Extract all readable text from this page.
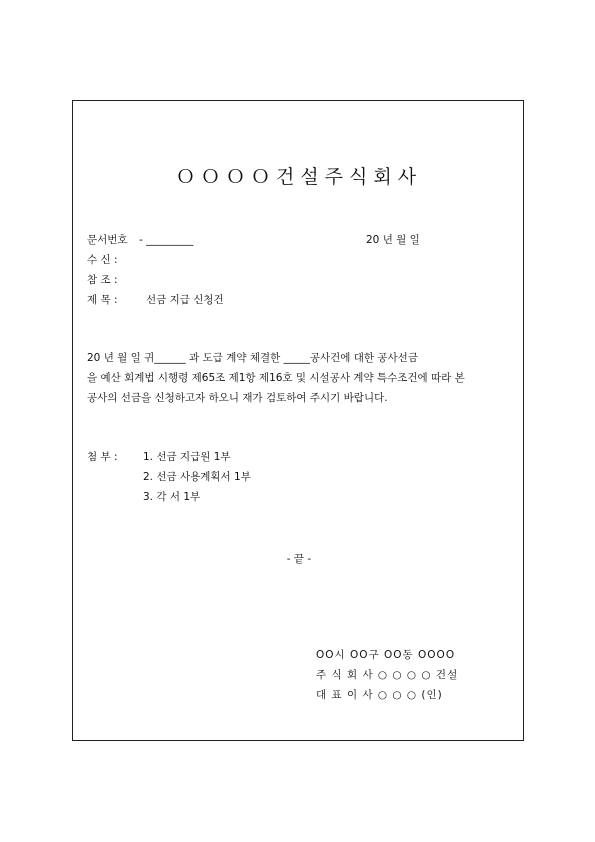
ＯＯＯＯ건설주식회사
문서번호 - _________	20 년 월 일
수 신 :
참 조 :
제 목 :	선금 지급 신청건
20 년 월 일 귀______ 과 도급 계약 체결한 _____공사건에 대한 공사선금
을 예산 회계법 시행령 제65조 제1항 제16호 및 시설공사 계약 특수조건에 따라 본
공사의 선금을 신청하고자 하오니 재가 검토하여 주시기 바랍니다.
첨 부 : 1. 선금 지급원 1부
2. 선금 사용계획서 1부
3. 각 서 1부
- 끝 -
OO시 OO구 OO동 OOOO
주 식 회 사 ○ ○ ○ ○ 건설
대 표 이 사 ○ ○ ○ (인)
